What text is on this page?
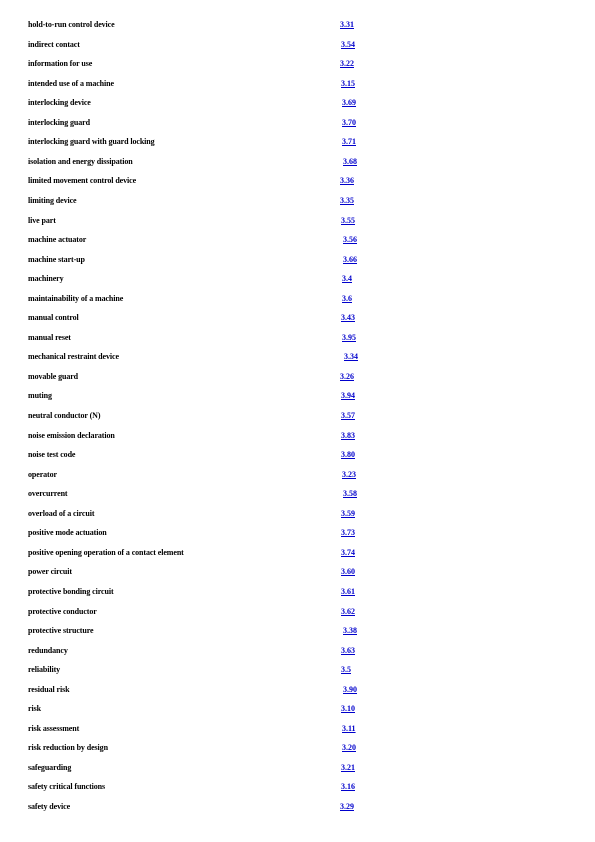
hold-to-run control device	3.31
indirect contact	3.54
information for use	3.22
intended use of a machine	3.15
interlocking device	3.69
interlocking guard	3.70
interlocking guard with guard locking	3.71
isolation and energy dissipation	3.68
limited movement control device	3.36
limiting device	3.35
live part	3.55
machine actuator	3.56
machine start-up	3.66
machinery	3.4
maintainability of a machine	3.6
manual control	3.43
manual reset	3.95
mechanical restraint device	3.34
movable guard	3.26
muting	3.94
neutral conductor (N)	3.57
noise emission declaration	3.83
noise test code	3.80
operator	3.23
overcurrent	3.58
overload of a circuit	3.59
positive mode actuation	3.73
positive opening operation of a contact element	3.74
power circuit	3.60
protective bonding circuit	3.61
protective conductor	3.62
protective structure	3.38
redundancy	3.63
reliability	3.5
residual risk	3.90
risk	3.10
risk assessment	3.11
risk reduction by design	3.20
safeguarding	3.21
safety critical functions	3.16
safety device	3.29
